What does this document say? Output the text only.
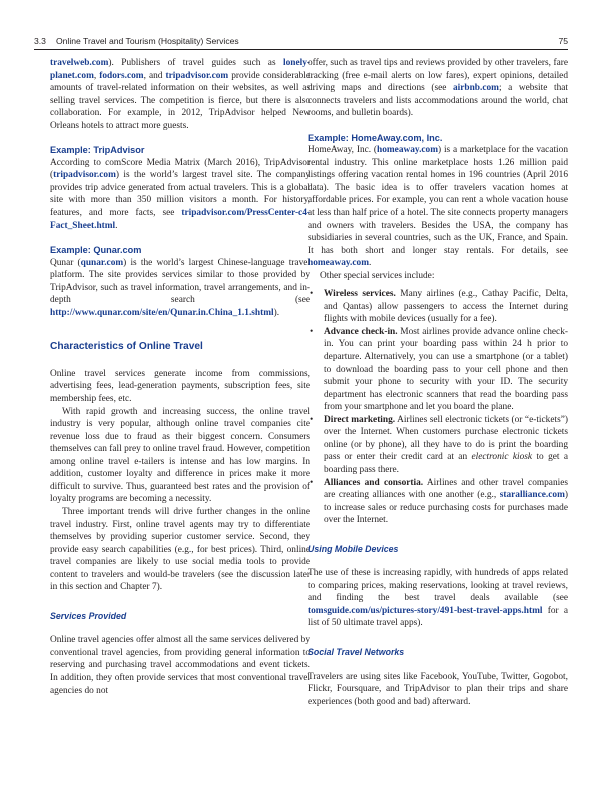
3.3 Online Travel and Tourism (Hospitality) Services	75

travelweb.com). Publishers of travel guides such as lonely-planet.com, fodors.com, and tripadvisor.com provide considerable amounts of travel-related information on their websites, as well as selling travel services. The competition is fierce, but there is also collaboration. For example, in 2012, TripAdvisor helped New Orleans hotels to attract more guests.

Example: TripAdvisor

According to comScore Media Matrix (March 2016), TripAdvisor (tripadvisor.com) is the world’s largest travel site. The company provides trip advice generated from actual travelers. This is a global site with more than 350 million visitors a month. For history, features, and more facts, see tripadvisor.com/PressCenter-c4-Fact_Sheet.html.

Example: Qunar.com

Qunar (qunar.com) is the world’s largest Chinese-language travel platform. The site provides services similar to those provided by TripAdvisor, such as travel information, travel arrangements, and in-depth search (see http://www.qunar.com/site/en/Qunar.in.China_1.1.shtml).

Characteristics of Online Travel

Online travel services generate income from commissions, advertising fees, lead-generation payments, subscription fees, site membership fees, etc.

With rapid growth and increasing success, the online travel industry is very popular, although online travel companies cite revenue loss due to fraud as their biggest concern. Consumers themselves can fall prey to online travel fraud. However, competition among online travel e-tailers is intense and has low margins. In addition, customer loyalty and difference in prices make it more difficult to survive. Thus, guaranteed best rates and the provision of loyalty programs are becoming a necessity.

Three important trends will drive further changes in the online travel industry. First, online travel agents may try to differentiate themselves by providing superior customer service. Second, they provide easy search capabilities (e.g., for best prices). Third, online travel companies are likely to use social media tools to provide content to travelers and would-be travelers (see the discussion later in this section and Chapter 7).

Services Provided

Online travel agencies offer almost all the same services delivered by conventional travel agencies, from providing general information to reserving and purchasing travel accommodations and event tickets. In addition, they often provide services that most conventional travel agencies do not

offer, such as travel tips and reviews provided by other travelers, fare tracking (free e-mail alerts on low fares), expert opinions, detailed driving maps and directions (see airbnb.com; a website that connects travelers and lists accommodations around the world, chat rooms, and bulletin boards).

Example: HomeAway.com, Inc.

HomeAway, Inc. (homeaway.com) is a marketplace for the vacation rental industry. This online marketplace hosts 1.26 million paid listings offering vacation rental homes in 196 countries (April 2016 data). The basic idea is to offer travelers vacation homes at affordable prices. For example, you can rent a whole vacation house at less than half price of a hotel. The site connects property managers and owners with travelers. Besides the USA, the company has subsidiaries in several countries, such as the UK, France, and Spain. It has both short and longer stay rentals. For details, see homeaway.com.

Other special services include:

• Wireless services. Many airlines (e.g., Cathay Pacific, Delta, and Qantas) allow passengers to access the Internet during flights with mobile devices (usually for a fee).
• Advance check-in. Most airlines provide advance online check-in. You can print your boarding pass within 24 h prior to departure. Alternatively, you can use a smartphone (or a tablet) to download the boarding pass to your cell phone and then submit your phone to security with your ID. The security department has electronic scanners that read the boarding pass from your smartphone and let you board the plane.
• Direct marketing. Airlines sell electronic tickets (or “e-tickets”) over the Internet. When customers purchase electronic tickets online (or by phone), all they have to do is print the boarding pass or enter their credit card at an electronic kiosk to get a boarding pass there.
• Alliances and consortia. Airlines and other travel companies are creating alliances with one another (e.g., staralliance.com) to increase sales or reduce purchasing costs for purchases made over the Internet.
Using Mobile Devices

The use of these is increasing rapidly, with hundreds of apps related to comparing prices, making reservations, looking at travel reviews, and finding the best travel deals available (see tomsguide.com/us/pictures-story/491-best-travel-apps.html for a list of 50 ultimate travel apps).

Social Travel Networks

Travelers are using sites like Facebook, YouTube, Twitter, Gogobot, Flickr, Foursquare, and TripAdvisor to plan their trips and share experiences (both good and bad) afterward.
